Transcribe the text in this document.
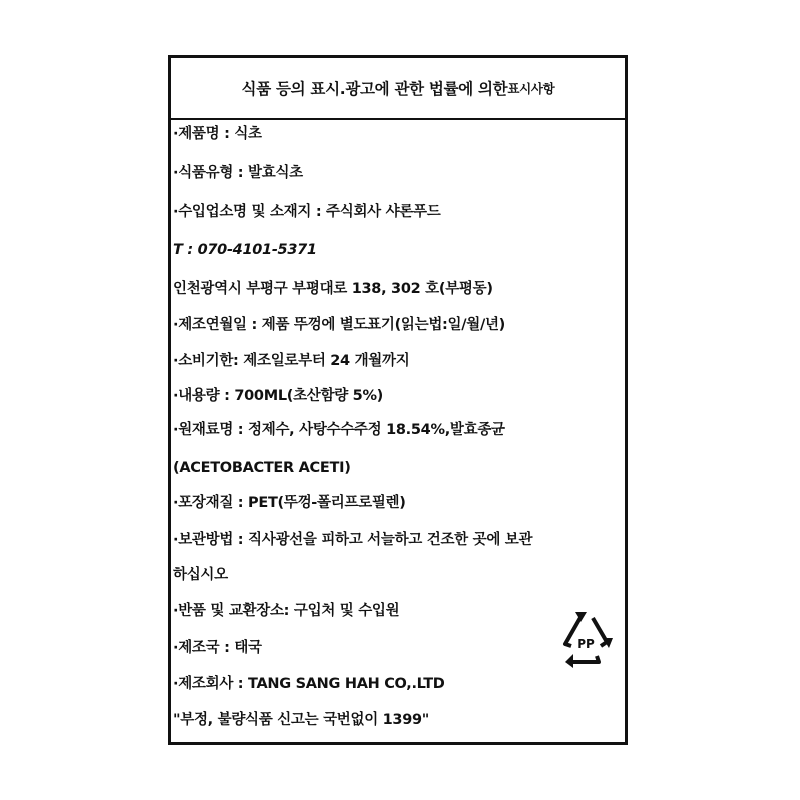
식품 등의 표시.광고에 관한 법률에 의한 표시사항
·제품명 : 식초
·식품유형 : 발효식초
·수입업소명 및 소재지 : 주식회사 샤론푸드
T : 070-4101-5371
인천광역시 부평구 부평대로 138, 302 호(부평동)
·제조연월일 : 제품 뚜껑에 별도표기(읽는법:일/월/년)
·소비기한: 제조일로부터 24 개월까지
·내용량 : 700ML(초산함량 5%)
·원재료명 : 정제수, 사탕수수주정 18.54%,발효종균
(ACETOBACTER ACETI)
·포장재질 : PET(뚜껑-폴리프로필렌)
·보관방법 : 직사광선을 피하고 서늘하고 건조한 곳에 보관
하십시오
·반품 및 교환장소: 구입처 및 수입원
·제조국 : 태국
·제조회사 : TANG SANG HAH CO,.LTD
"부정, 불량식품 신고는 국번없이 1399"
PP
